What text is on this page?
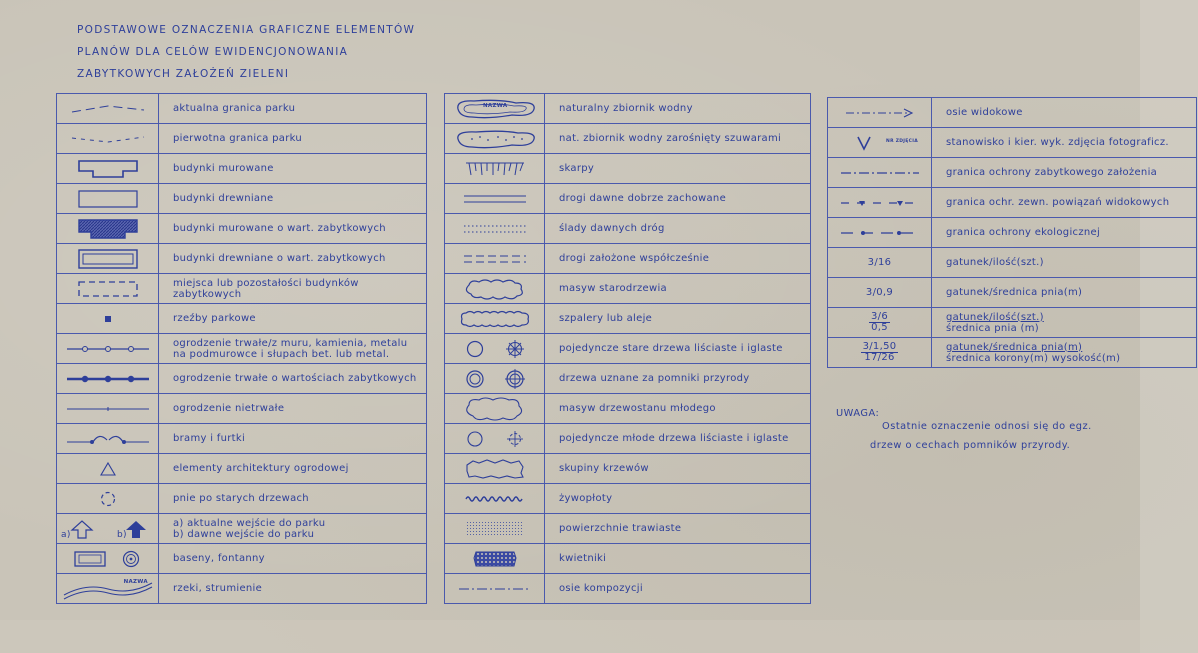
PODSTAWOWE OZNACZENIA GRAFICZNE ELEMENTÓW
PLANÓW DLA CELÓW EWIDENCJONOWANIA
ZABYTKOWYCH ZAŁOŻEŃ ZIELENI
	aktualna granica parku

	pierwotna granica parku

	budynki murowane

	budynki drewniane

	budynki murowane o wart. zabytkowych

	budynki drewniane o wart. zabytkowych

miejsca lub pozostałości budynków
zabytkowych

	rzeźby parkowe

ogrodzenie trwałe/z muru, kamienia, metalu
na podmurowce i słupach bet. lub metal.

	ogrodzenie trwałe o wartościach zabytkowych

	ogrodzenie nietrwałe

	bramy i furtki

	elementy architektury ogrodowej

	pnie po starych drzewach

a) b)	a) aktualne wejście do parku
b) dawne wejście do parku

	baseny, fontanny

NAZWA	rzeki, strumienie
NAZWA	naturalny zbiornik wodny

	nat. zbiornik wodny zarośnięty szuwarami

	skarpy

	drogi dawne dobrze zachowane

	ślady dawnych dróg

	drogi założone współcześnie

	masyw starodrzewia

	szpalery lub aleje

	pojedyncze stare drzewa liściaste i iglaste

	drzewa uznane za pomniki przyrody

	masyw drzewostanu młodego

	pojedyncze młode drzewa liściaste i iglaste

	skupiny krzewów

	żywopłoty

	powierzchnie trawiaste

	kwietniki

	osie kompozycji
	osie widokowe

NR ZDJĘCIA	stanowisko i kier. wyk. zdjęcia fotograficz.

	granica ochrony zabytkowego założenia

	granica ochr. zewn. powiązań widokowych

	granica ochrony ekologicznej
3/16	gatunek/ilość(szt.)
3/0,9	gatunek/średnica pnia(m)

$\frac{3/6}{0,5}$	gatunek/ilość(szt.)
średnica pnia (m)

$\frac{3/1,50}{17/26}$	gatunek/średnica pnia(m)
średnica korony(m) wysokość(m)
UWAGA:
Ostatnie oznaczenie odnosi się do egz.
drzew o cechach pomników przyrody.
